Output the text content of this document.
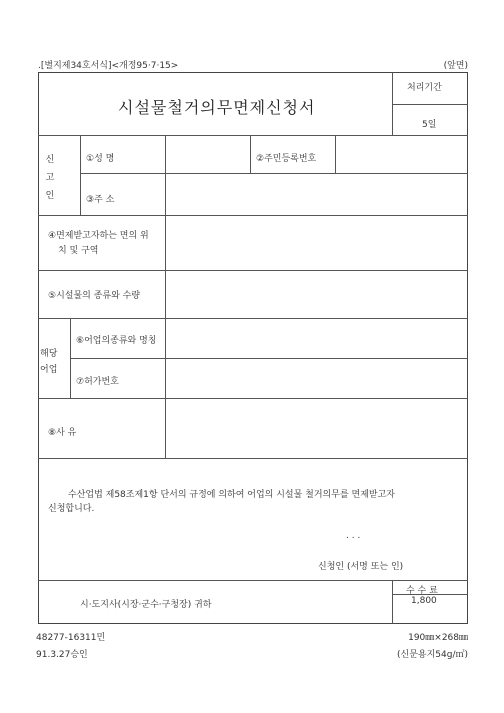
.[별지제34호서식]<개정95·7·15>	(앞면)
시설물철거의무면제신청서
처리기간
5일
신
고
인
①성 명	②주민등록번호
③주 소
④면제받고자하는 면의 위
치 및 구역
⑤시설물의 종류와 수량
해당
어업
⑥어업의종류와 명칭
⑦허가번호
⑧사 유
수산업법 제58조제1항 단서의 규정에 의하여 어업의 시설물 철거의무를 면제받고자
신청합니다.
. . .
신청인 (서명 또는 인)
시·도지사(시장·군수·구청장) 귀하
수 수 료
1,800
48277-16311민
91.3.27승인
190㎜×268㎜
(신문용지54g/㎡)
